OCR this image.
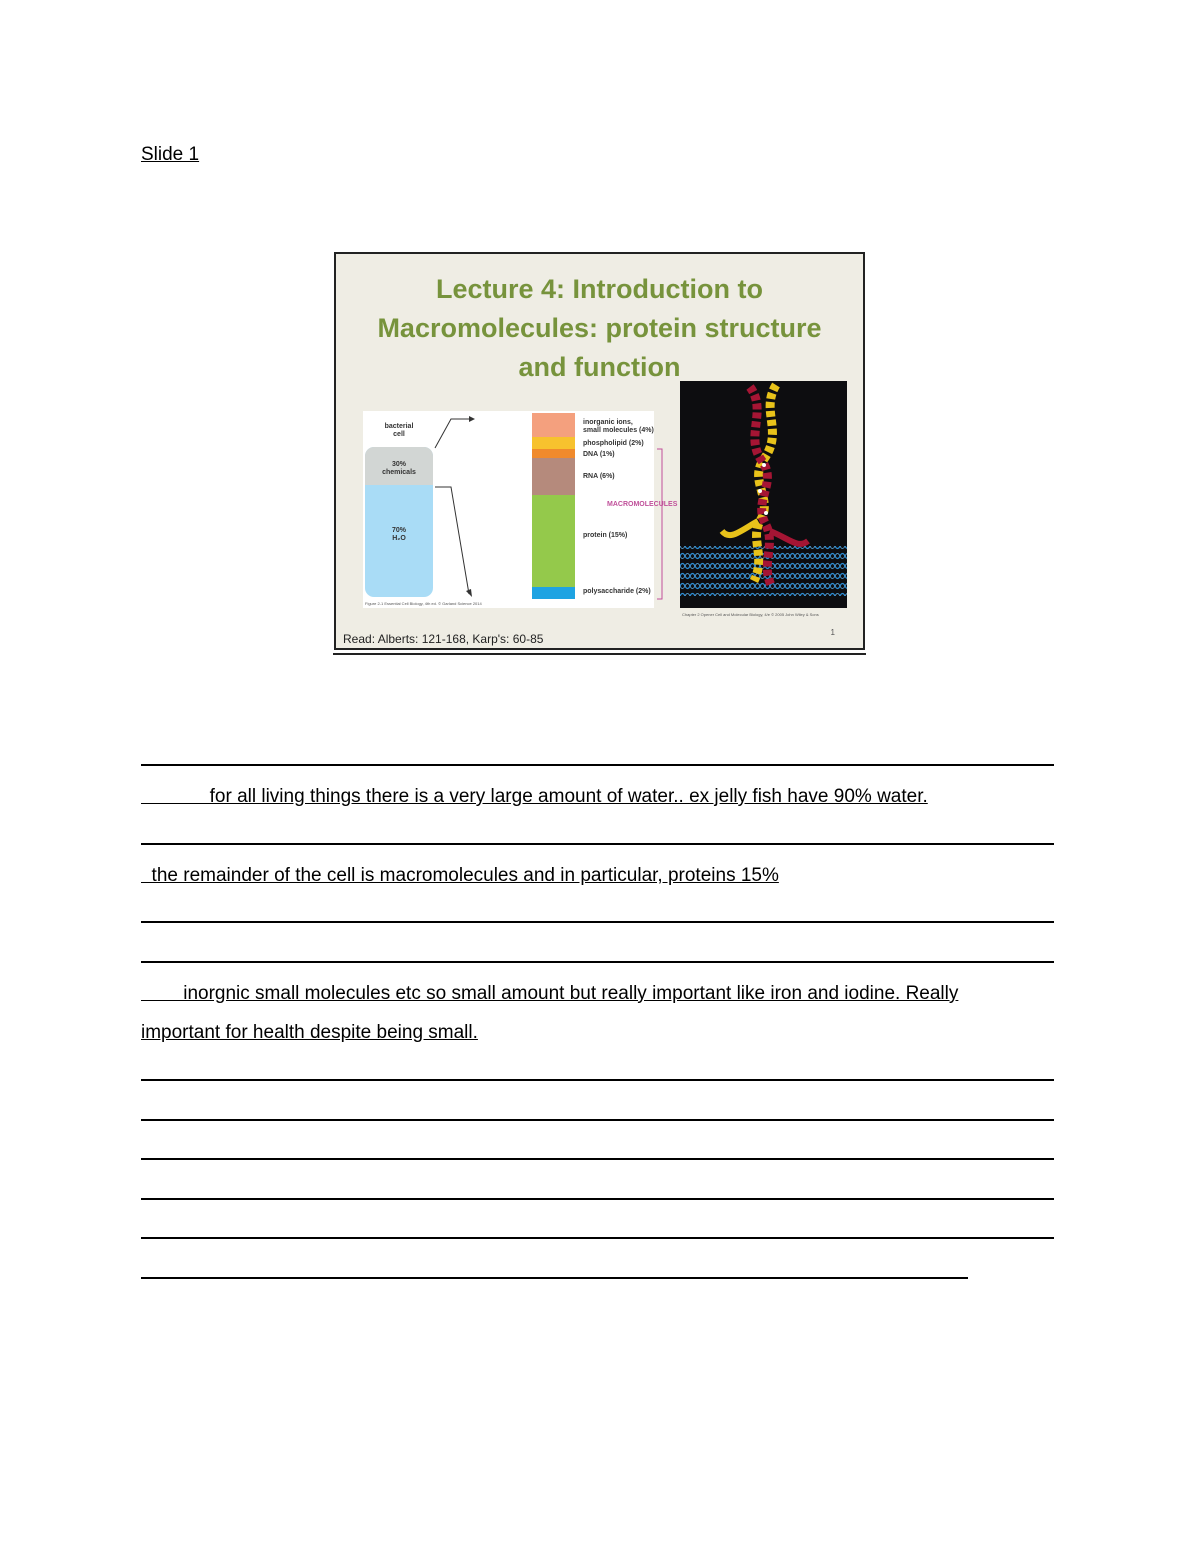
Slide 1
Lecture 4: Introduction to
Macromolecules: protein structure
and function
bacterial
cell
30%
chemicals
70%
H₂O
inorganic ions,
small molecules (4%)
phospholipid (2%)
DNA (1%)
RNA (6%)
protein (15%)
polysaccharide (2%)
MACROMOLECULES
Figure 2-1 Essential Cell Biology, 4th ed. © Garland Science 2014
Chapter 2 Opener Cell and Molecular Biology, 4/e © 2005 John Wiley & Sons
Read: Alberts: 121-168, Karp's: 60-85	1
for all living things there is a very large amount of water.. ex jelly fish have 90% water.
the remainder of the cell is macromolecules and in particular, proteins 15%
inorgnic small molecules etc so small amount but really important like iron and iodine. Really
important for health despite being small.
